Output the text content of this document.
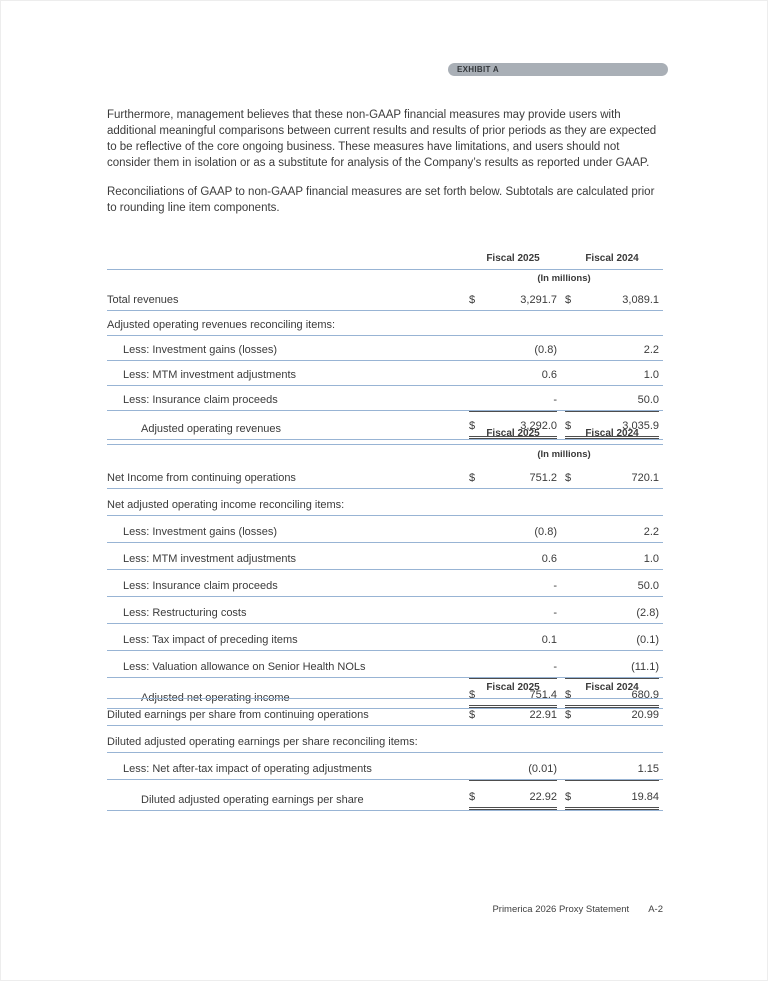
EXHIBIT A

Furthermore, management believes that these non-GAAP financial measures may provide users with additional meaningful comparisons between current results and results of prior periods as they are expected to be reflective of the core ongoing business. These measures have limitations, and users should not consider them in isolation or as a substitute for analysis of the Company’s results as reported under GAAP.

Reconciliations of GAAP to non-GAAP financial measures are set forth below. Subtotals are calculated prior to rounding line item components.

	Fiscal 2025			Fiscal 2024		
	(In millions)					
Total revenues	$	3,291.7		$	3,089.1	
Adjusted operating revenues reconciling items:						
Less: Investment gains (losses)		(0.8)			2.2	
Less: MTM investment adjustments		0.6			1.0	
Less: Insurance claim proceeds		-			50.0	
Adjusted operating revenues	$	3,292.0		$	3,035.9	
	Fiscal 2025			Fiscal 2024		
	(In millions)					
Net Income from continuing operations	$	751.2		$	720.1	
Net adjusted operating income reconciling items:						
Less: Investment gains (losses)		(0.8)			2.2	
Less: MTM investment adjustments		0.6			1.0	
Less: Insurance claim proceeds		-			50.0	
Less: Restructuring costs		-			(2.8)	
Less: Tax impact of preceding items		0.1			(0.1)	
Less: Valuation allowance on Senior Health NOLs		-			(11.1)	
Adjusted net operating income	$	751.4		$	680.9	
	Fiscal 2025			Fiscal 2024		
Diluted earnings per share from continuing operations	$	22.91		$	20.99	
Diluted adjusted operating earnings per share reconciling items:						
Less: Net after-tax impact of operating adjustments		(0.01)			1.15	
Diluted adjusted operating earnings per share	$	22.92		$	19.84	
Primerica 2026 Proxy Statement A-2
